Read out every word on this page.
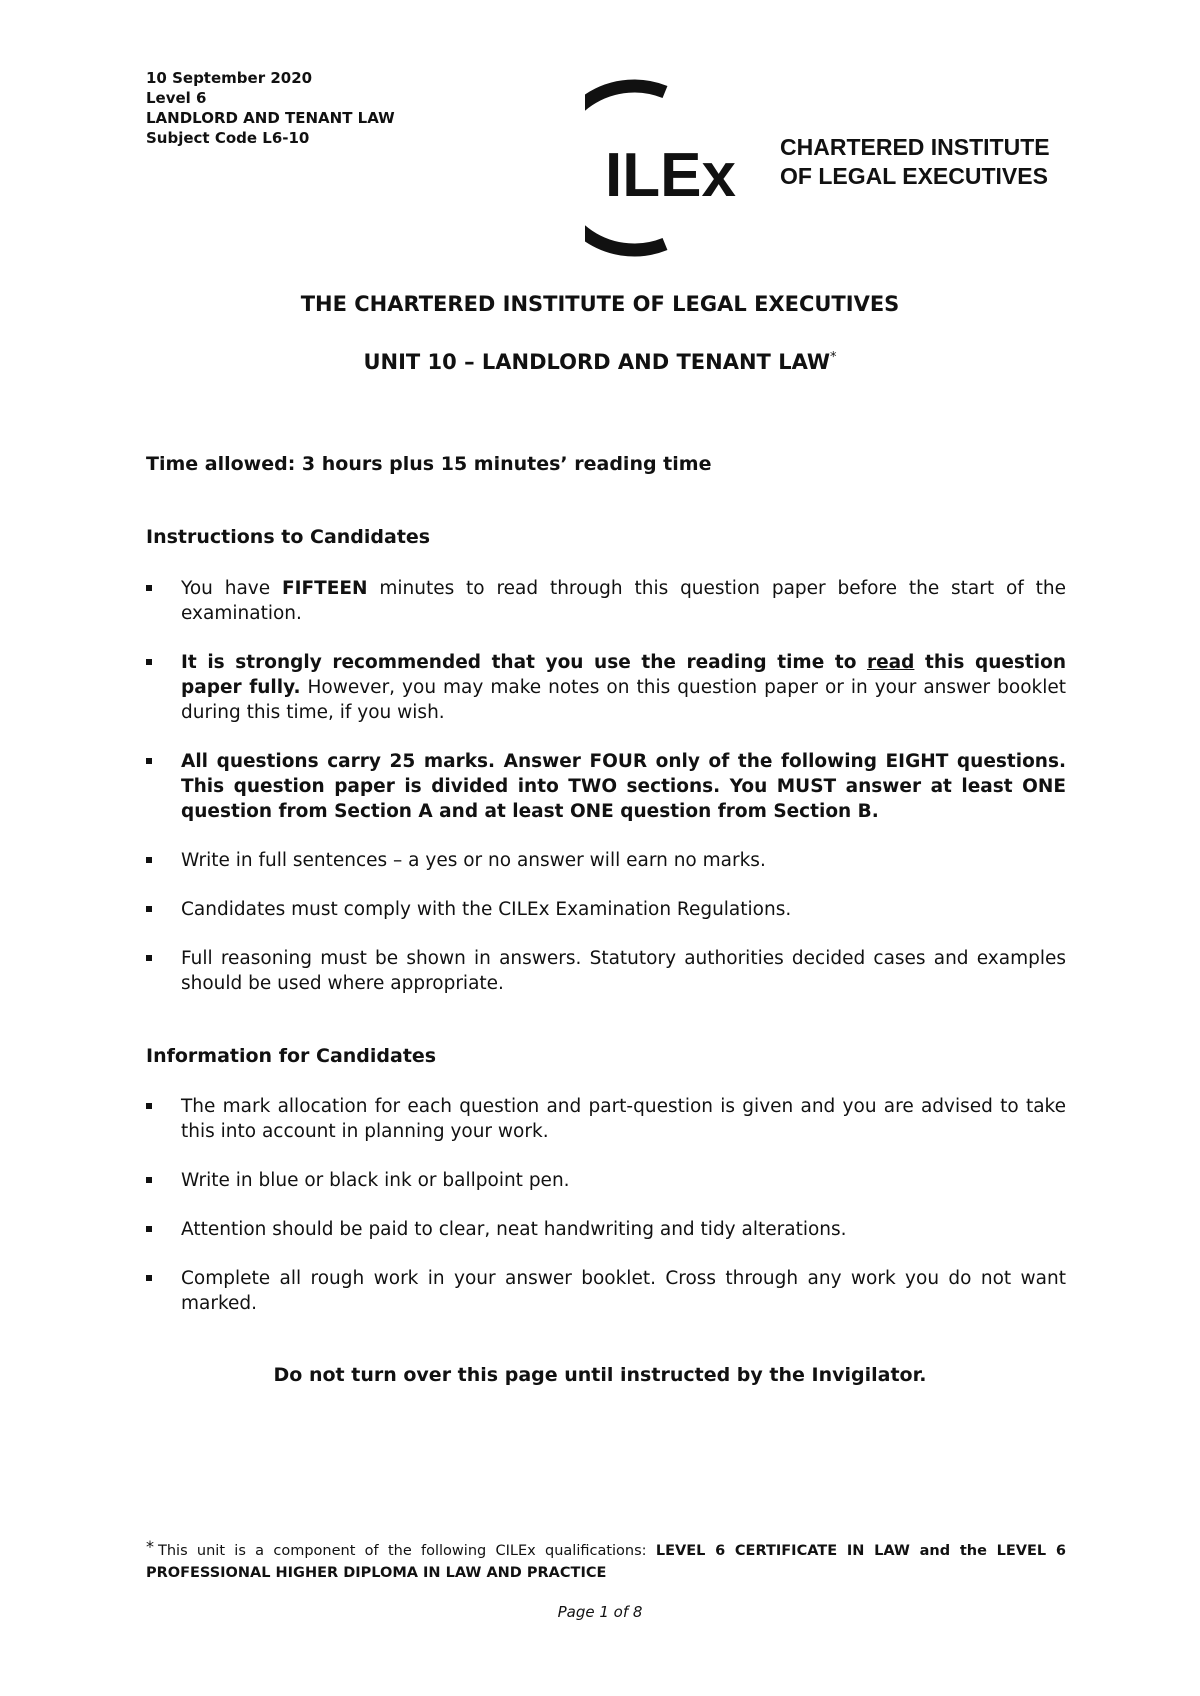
10 September 2020
Level 6
LANDLORD AND TENANT LAW
Subject Code L6-10
ILEx CHARTERED INSTITUTE
OF LEGAL EXECUTIVES
THE CHARTERED INSTITUTE OF LEGAL EXECUTIVES
UNIT 10 – LANDLORD AND TENANT LAW*
Time allowed: 3 hours plus 15 minutes’ reading time
Instructions to Candidates
You have FIFTEEN minutes to read through this question paper before the start of the examination.
It is strongly recommended that you use the reading time to read this question paper fully. However, you may make notes on this question paper or in your answer booklet during this time, if you wish.
All questions carry 25 marks. Answer FOUR only of the following EIGHT questions. This question paper is divided into TWO sections. You MUST answer at least ONE question from Section A and at least ONE question from Section B.
Write in full sentences – a yes or no answer will earn no marks.
Candidates must comply with the CILEx Examination Regulations.
Full reasoning must be shown in answers. Statutory authorities decided cases and examples should be used where appropriate.
Information for Candidates
The mark allocation for each question and part-question is given and you are advised to take this into account in planning your work.
Write in blue or black ink or ballpoint pen.
Attention should be paid to clear, neat handwriting and tidy alterations.
Complete all rough work in your answer booklet. Cross through any work you do not want marked.
Do not turn over this page until instructed by the Invigilator.
* This unit is a component of the following CILEx qualifications: LEVEL 6 CERTIFICATE IN LAW and the LEVEL 6 PROFESSIONAL HIGHER DIPLOMA IN LAW AND PRACTICE
Page 1 of 8
